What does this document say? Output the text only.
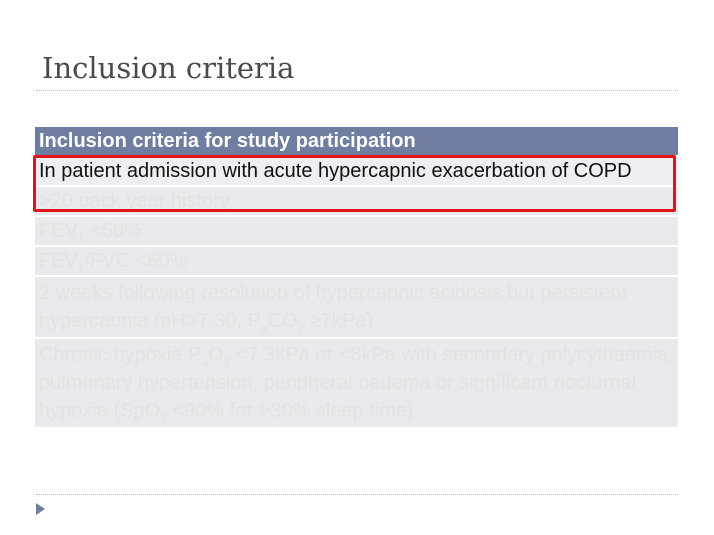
Inclusion criteria
Inclusion criteria for study participation
In patient admission with acute hypercapnic exacerbation of COPD
>20 pack year history
$FEV_1 <50\%$
$FEV_1$/FVC <60%
2 weeks following resolution of hypercapnic acidosis but persistent hypercapnia (pH>7.30, $P_aCO_2 \ge 7kPa$)
Chronic hypoxia $P_aO_2 <7.3kPa$ or <8kPa with secondary polycythaemia, pulmonary hypertension, peripheral oedema or significant nocturnal hypoxia (SpO$_2$ <90% for >30% sleep time)
